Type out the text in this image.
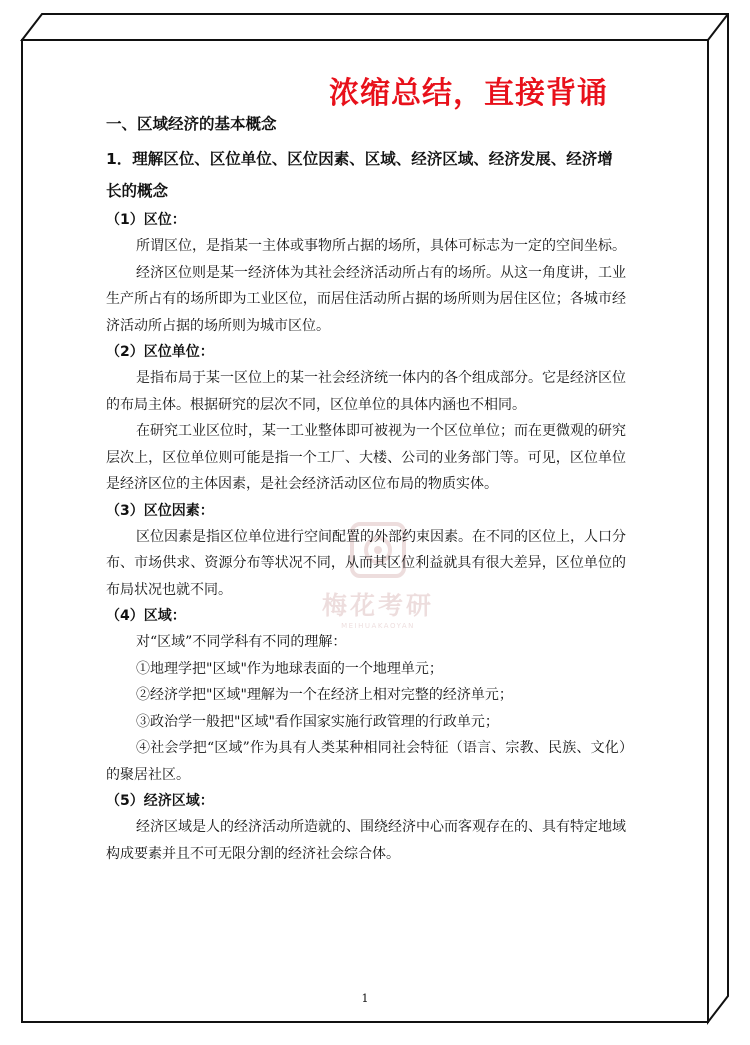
浓缩总结，直接背诵
梅花考研
MEIHUAKAOYAN

一、区域经济的基本概念

1．理解区位、区位单位、区位因素、区域、经济区域、经济发展、经济增长的概念

（1）区位：

所谓区位，是指某一主体或事物所占据的场所，具体可标志为一定的空间坐标。

经济区位则是某一经济体为其社会经济活动所占有的场所。从这一角度讲，工业生产所占有的场所即为工业区位，而居住活动所占据的场所则为居住区位；各城市经济活动所占据的场所则为城市区位。

（2）区位单位：

是指布局于某一区位上的某一社会经济统一体内的各个组成部分。它是经济区位的布局主体。根据研究的层次不同，区位单位的具体内涵也不相同。

在研究工业区位时，某一工业整体即可被视为一个区位单位；而在更微观的研究层次上，区位单位则可能是指一个工厂、大楼、公司的业务部门等。可见，区位单位是经济区位的主体因素，是社会经济活动区位布局的物质实体。

（3）区位因素：

区位因素是指区位单位进行空间配置的外部约束因素。在不同的区位上，人口分布、市场供求、资源分布等状况不同，从而其区位利益就具有很大差异，区位单位的布局状况也就不同。

（4）区域：

对“区域”不同学科有不同的理解：

①地理学把"区域"作为地球表面的一个地理单元；

②经济学把"区域"理解为一个在经济上相对完整的经济单元；

③政治学一般把"区域"看作国家实施行政管理的行政单元；

④社会学把“区域”作为具有人类某种相同社会特征（语言、宗教、民族、文化）的聚居社区。

（5）经济区域：

经济区域是人的经济活动所造就的、围绕经济中心而客观存在的、具有特定地域构成要素并且不可无限分割的经济社会综合体。

1
